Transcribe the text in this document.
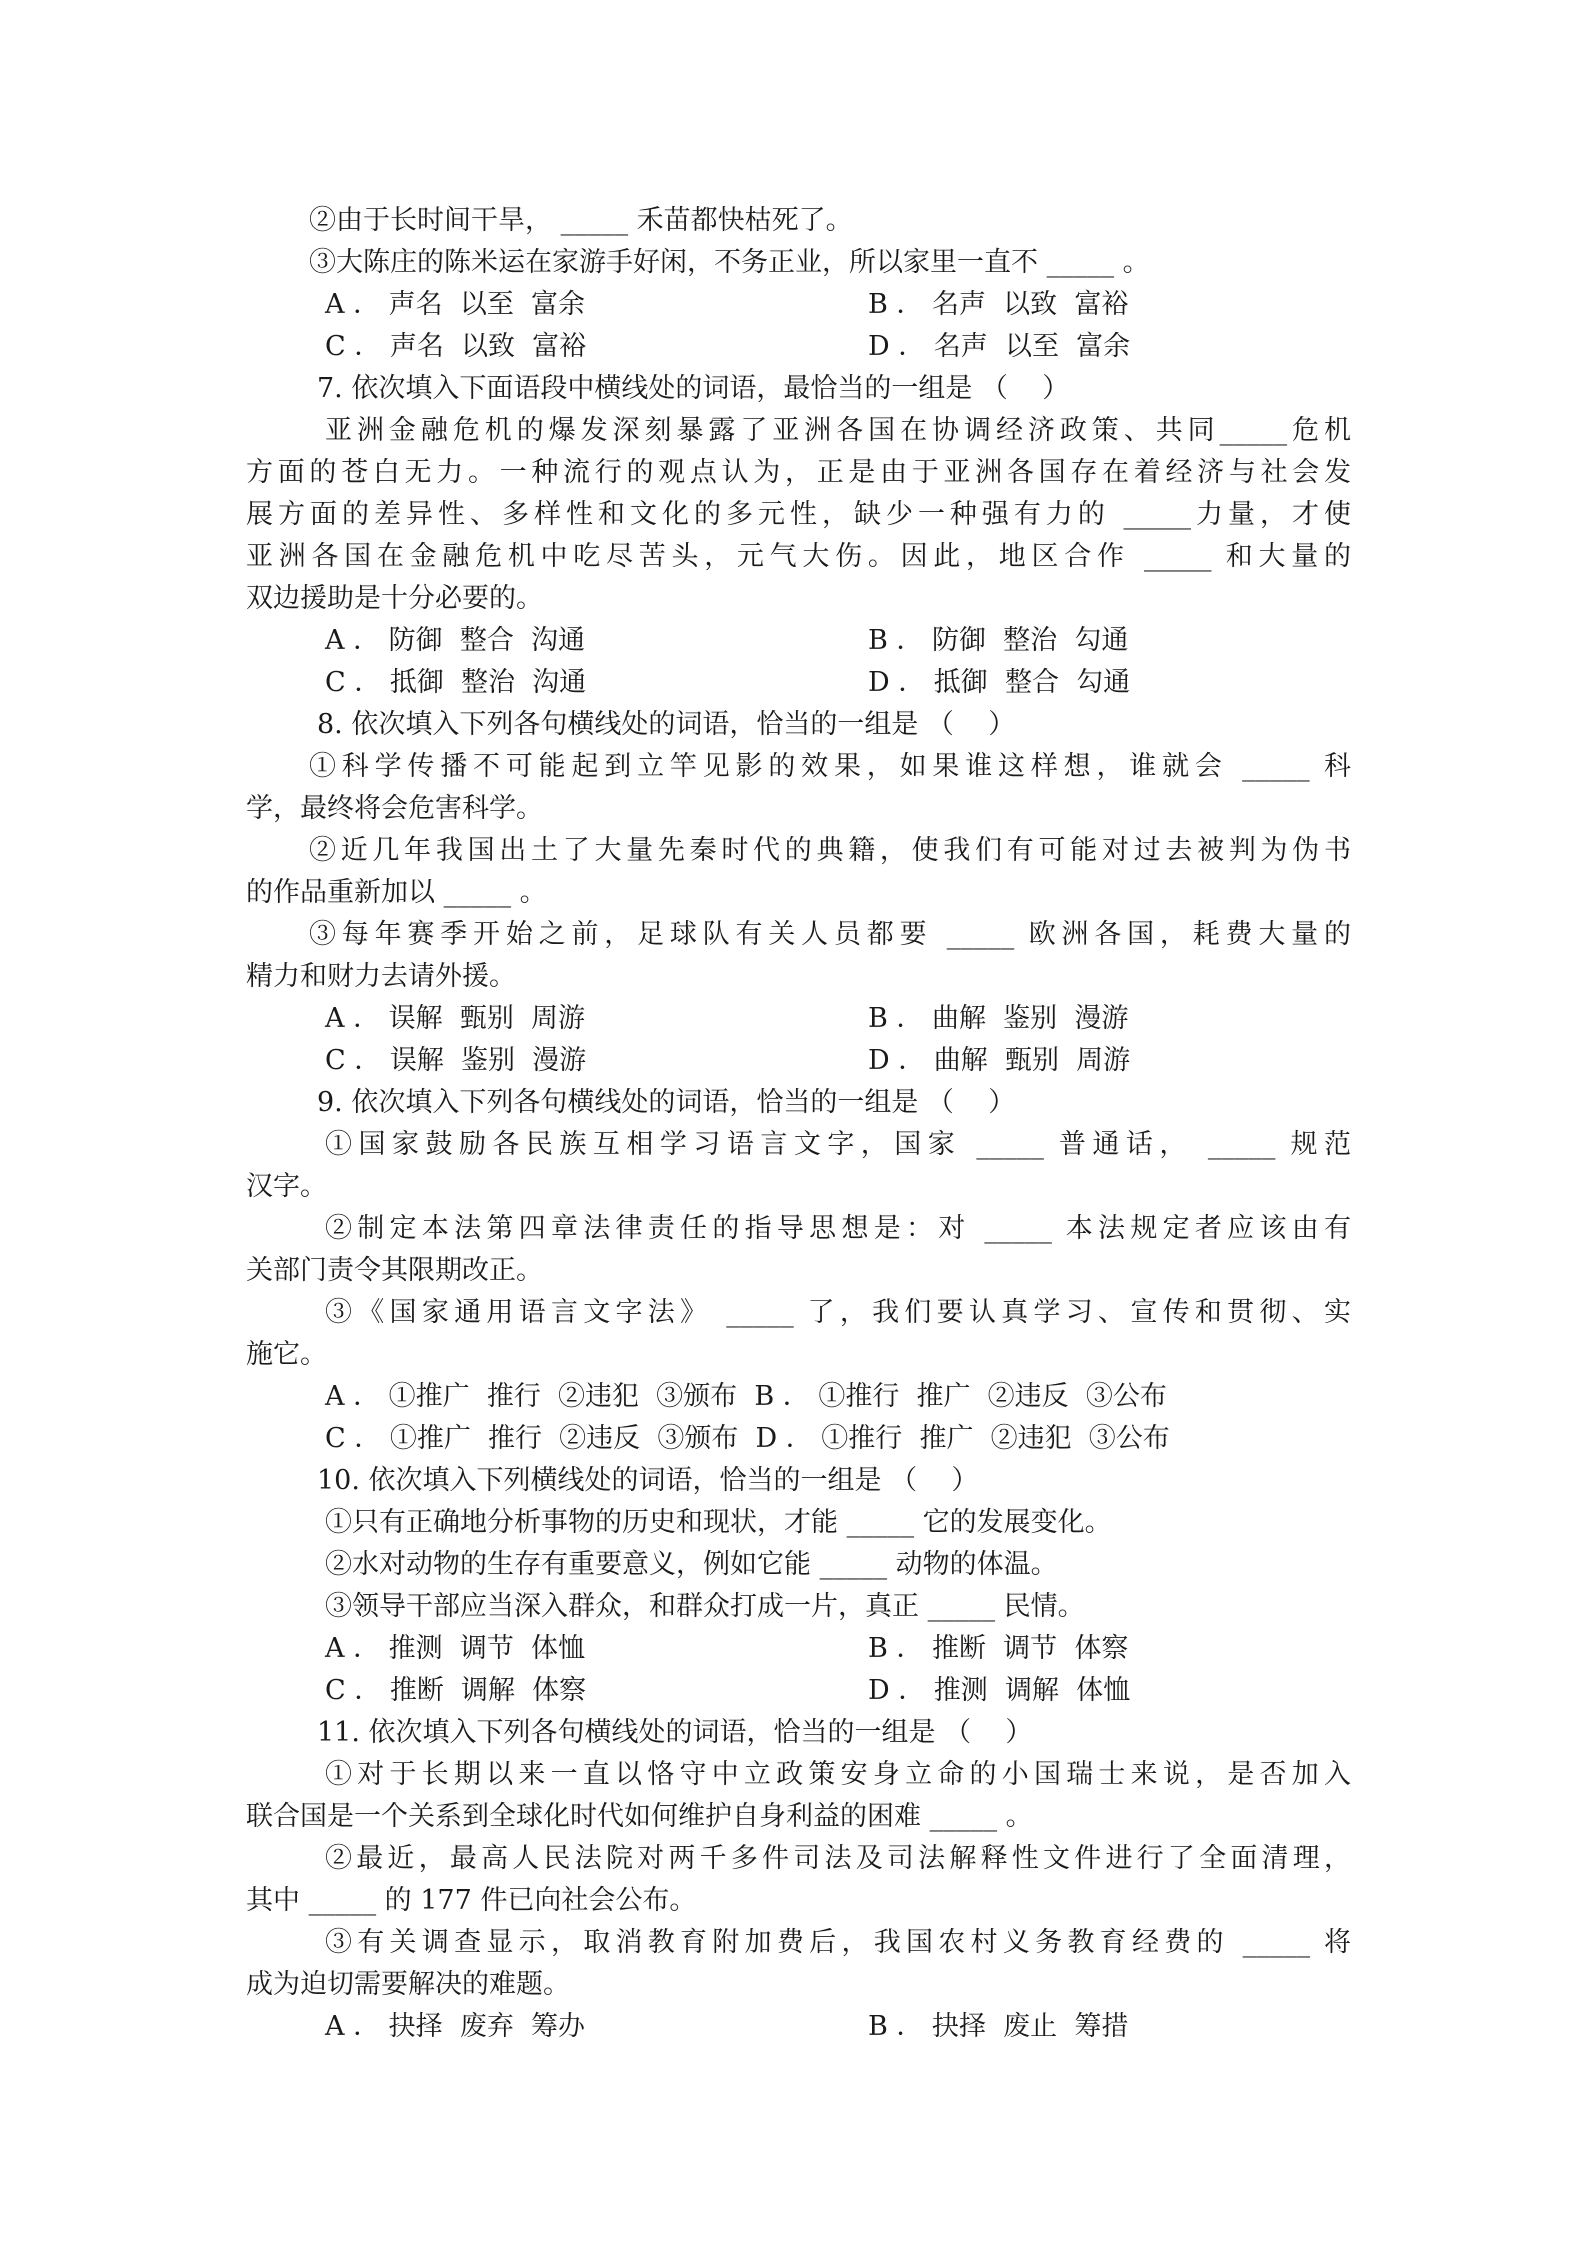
②由于长时间干旱， _____ 禾苗都快枯死了。
③大陈庄的陈米运在家游手好闲，不务正业，所以家里一直不 _____ 。
A ． 声名  以至  富余	B ． 名声  以致  富裕
C ． 声名  以致  富裕	D ． 名声  以至  富余
7. 依次填入下面语段中横线处的词语，最恰当的一组是 （    ）
亚洲金融危机的爆发深刻暴露了亚洲各国在协调经济政策、共同_____危机
方面的苍白无力。一种流行的观点认为，正是由于亚洲各国存在着经济与社会发
展方面的差异性、多样性和文化的多元性，缺少一种强有力的 _____力量，才使
亚洲各国在金融危机中吃尽苦头，元气大伤。因此，地区合作 _____ 和大量的
双边援助是十分必要的。
A ． 防御  整合  沟通	B ． 防御  整治  勾通
C ． 抵御  整治  沟通	D ． 抵御  整合  勾通
8. 依次填入下列各句横线处的词语，恰当的一组是 （    ）
①科学传播不可能起到立竿见影的效果，如果谁这样想，谁就会 _____ 科
学，最终将会危害科学。
②近几年我国出土了大量先秦时代的典籍，使我们有可能对过去被判为伪书
的作品重新加以 _____ 。
③每年赛季开始之前，足球队有关人员都要 _____ 欧洲各国，耗费大量的
精力和财力去请外援。
A ． 误解  甄别  周游	B ． 曲解  鉴别  漫游
C ． 误解  鉴别  漫游	D ． 曲解  甄别  周游
9. 依次填入下列各句横线处的词语，恰当的一组是 （    ）
①国家鼓励各民族互相学习语言文字，国家 _____ 普通话， _____ 规范
汉字。
②制定本法第四章法律责任的指导思想是：对 _____ 本法规定者应该由有
关部门责令其限期改正。
③《国家通用语言文字法》 _____ 了，我们要认真学习、宣传和贯彻、实
施它。
A ． ①推广  推行  ②违犯  ③颁布  B ． ①推行  推广  ②违反  ③公布
C ． ①推广  推行  ②违反  ③颁布  D ． ①推行  推广  ②违犯  ③公布
10. 依次填入下列横线处的词语，恰当的一组是 （    ）
①只有正确地分析事物的历史和现状，才能 _____ 它的发展变化。
②水对动物的生存有重要意义，例如它能 _____ 动物的体温。
③领导干部应当深入群众，和群众打成一片，真正 _____ 民情。
A ． 推测  调节  体恤	B ． 推断  调节  体察
C ． 推断  调解  体察	D ． 推测  调解  体恤
11. 依次填入下列各句横线处的词语，恰当的一组是 （    ）
①对于长期以来一直以恪守中立政策安身立命的小国瑞士来说，是否加入
联合国是一个关系到全球化时代如何维护自身利益的困难 _____ 。
②最近，最高人民法院对两千多件司法及司法解释性文件进行了全面清理，
其中 _____ 的 177 件已向社会公布。
③有关调查显示，取消教育附加费后，我国农村义务教育经费的 _____ 将
成为迫切需要解决的难题。
A ． 抉择  废弃  筹办	B ． 抉择  废止  筹措
